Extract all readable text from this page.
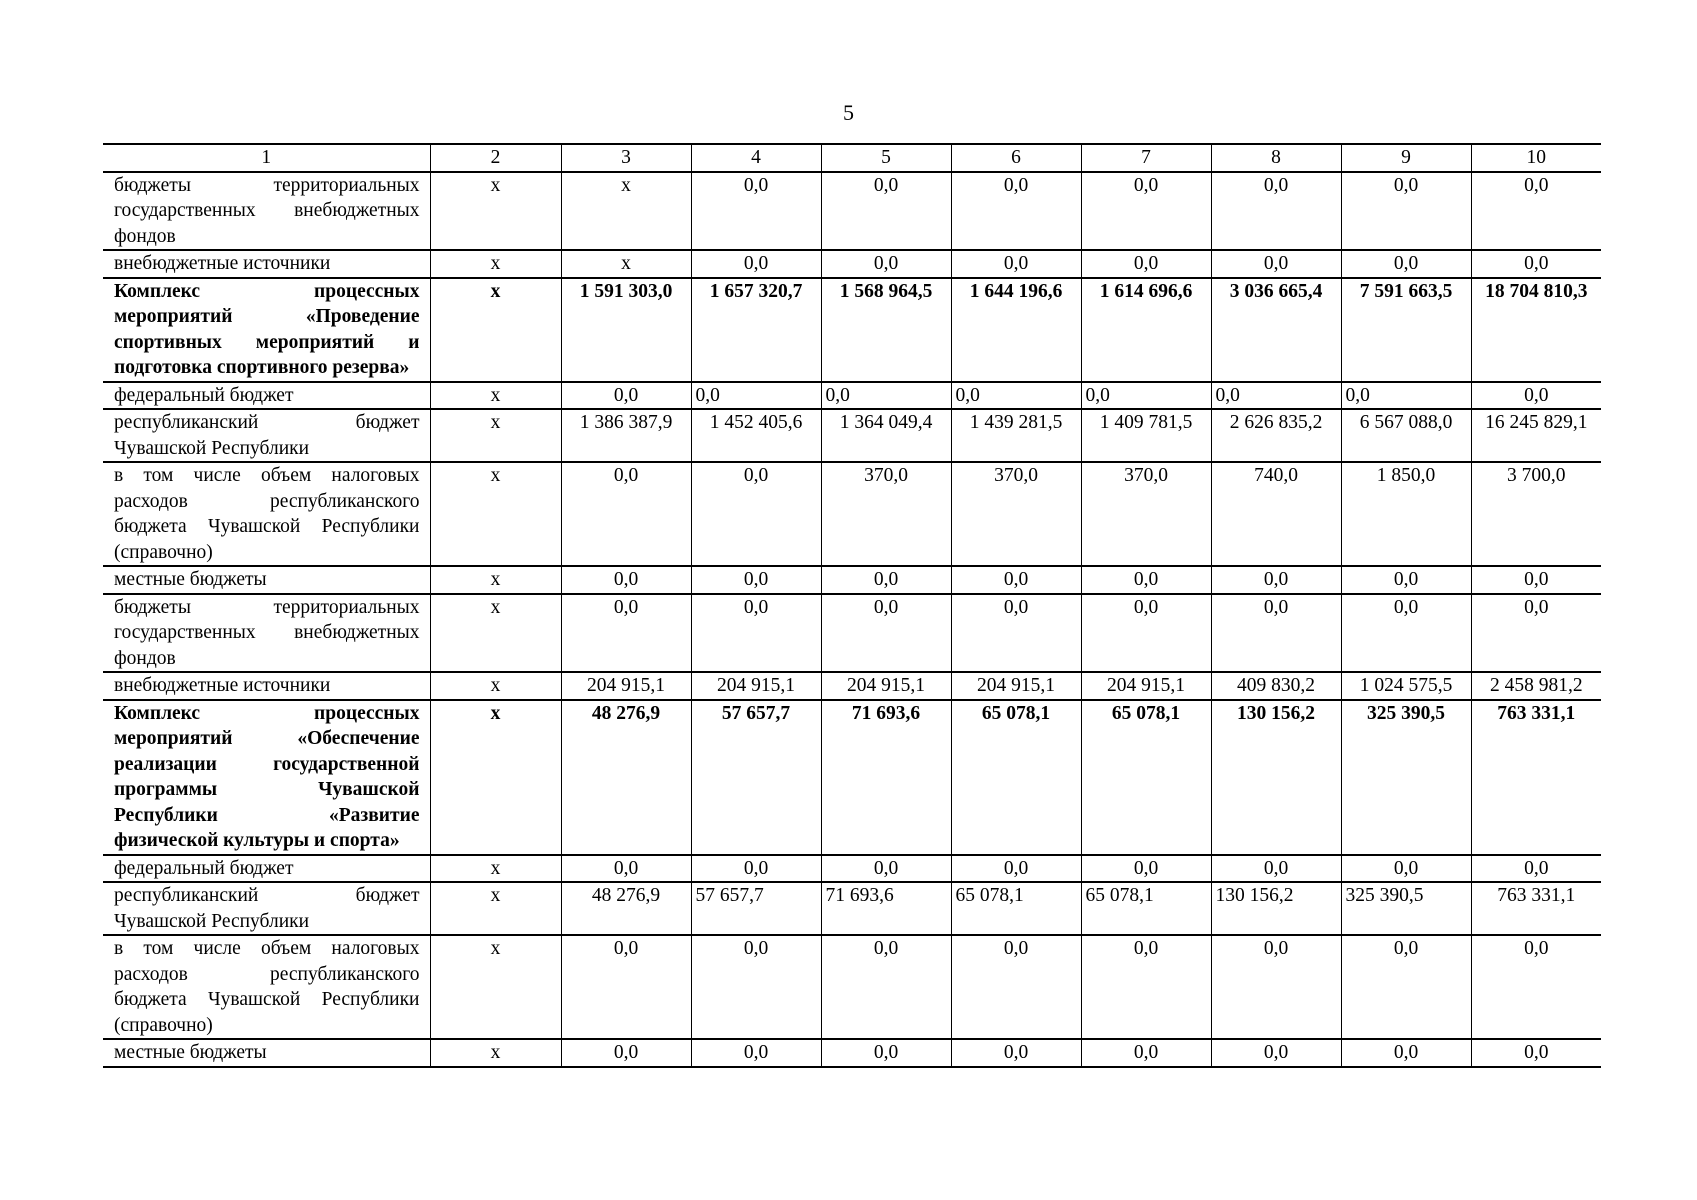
5
1	2	3	4	5	6	7	8	9	10
бюджеты территориальных государственных внебюджетных фондов	х	х	0,0	0,0	0,0	0,0	0,0	0,0	0,0
внебюджетные источники	х	х	0,0	0,0	0,0	0,0	0,0	0,0	0,0
Комплекс процессных мероприятий «Проведение спортивных мероприятий и подготовка спортивного резерва»	х	1 591 303,0	1 657 320,7	1 568 964,5	1 644 196,6	1 614 696,6	3 036 665,4	7 591 663,5	18 704 810,3
федеральный бюджет	х	0,0	0,0	0,0	0,0	0,0	0,0	0,0	0,0
республиканский бюджет Чувашской Республики	х	1 386 387,9	1 452 405,6	1 364 049,4	1 439 281,5	1 409 781,5	2 626 835,2	6 567 088,0	16 245 829,1
в том числе объем налоговых расходов республиканского бюджета Чувашской Республики (справочно)	х	0,0	0,0	370,0	370,0	370,0	740,0	1 850,0	3 700,0
местные бюджеты	х	0,0	0,0	0,0	0,0	0,0	0,0	0,0	0,0
бюджеты территориальных государственных внебюджетных фондов	х	0,0	0,0	0,0	0,0	0,0	0,0	0,0	0,0
внебюджетные источники	х	204 915,1	204 915,1	204 915,1	204 915,1	204 915,1	409 830,2	1 024 575,5	2 458 981,2
Комплекс процессных мероприятий «Обеспечение реализации государственной программы Чувашской Республики «Развитие физической культуры и спорта»	х	48 276,9	57 657,7	71 693,6	65 078,1	65 078,1	130 156,2	325 390,5	763 331,1
федеральный бюджет	х	0,0	0,0	0,0	0,0	0,0	0,0	0,0	0,0
республиканский бюджет Чувашской Республики	х	48 276,9	57 657,7	71 693,6	65 078,1	65 078,1	130 156,2	325 390,5	763 331,1
в том числе объем налоговых расходов республиканского бюджета Чувашской Республики (справочно)	х	0,0	0,0	0,0	0,0	0,0	0,0	0,0	0,0
местные бюджеты	х	0,0	0,0	0,0	0,0	0,0	0,0	0,0	0,0
